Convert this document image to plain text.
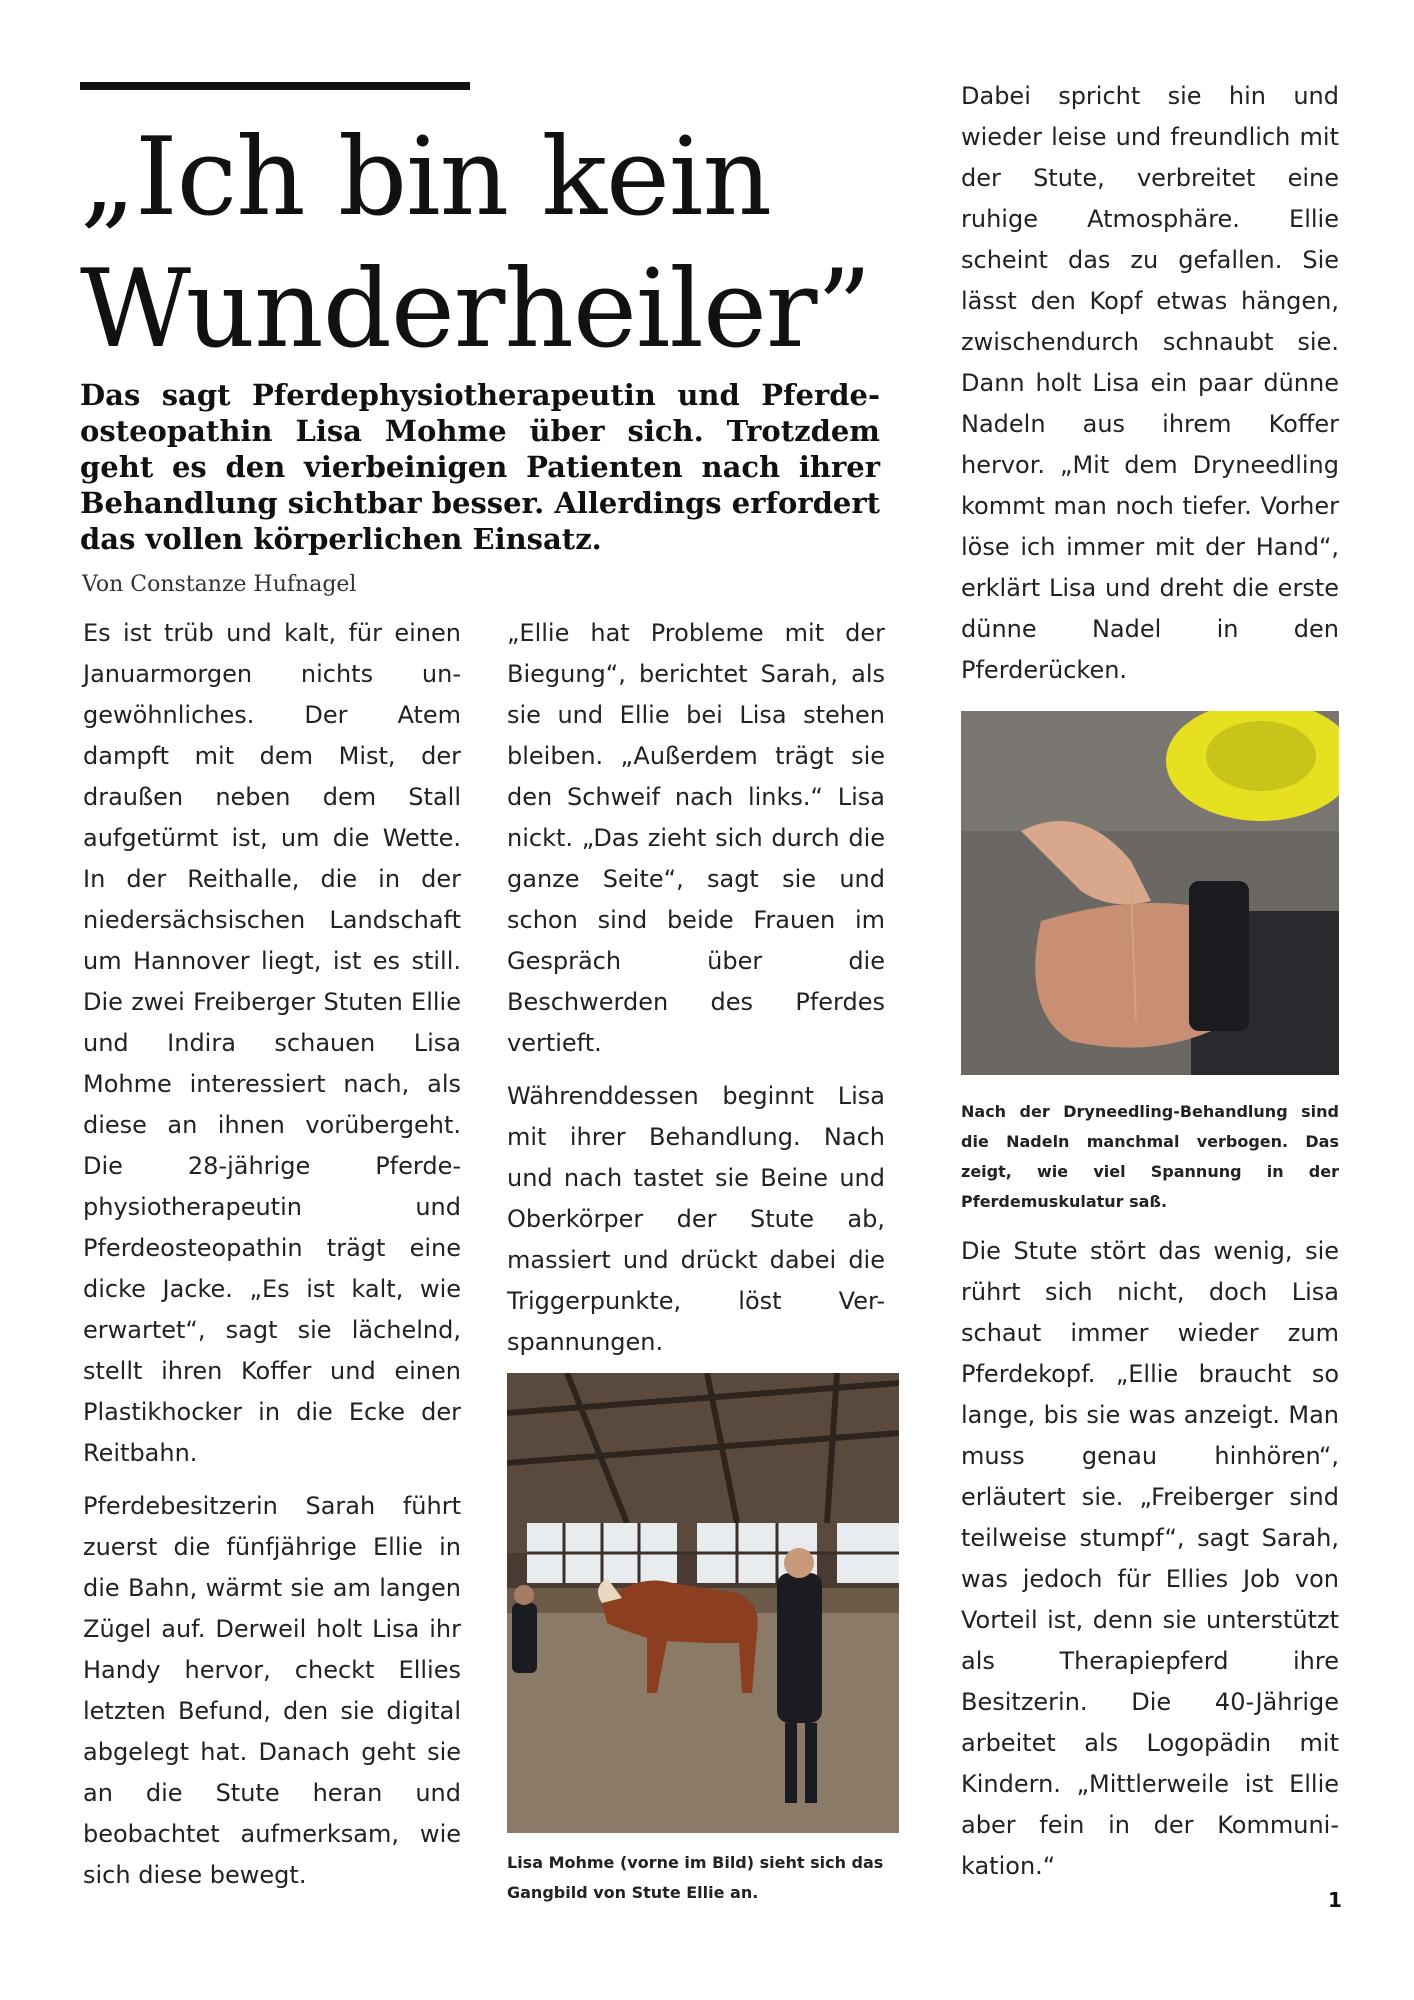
„Ich bin kein
Wunderheiler”

Das sagt Pferdephysiotherapeutin und Pferde-osteopathin Lisa Mohme über sich. Trotzdem geht es den vierbeinigen Patienten nach ihrer Behandlung sichtbar besser. Allerdings erfordert das vollen körperlichen Einsatz.

Von Constanze Hufnagel

Es ist trüb und kalt, für einen Januarmorgen nichts un-gewöhnliches. Der Atem dampft mit dem Mist, der draußen neben dem Stall aufgetürmt ist, um die Wette. In der Reithalle, die in der niedersächsischen Landschaft um Hannover liegt, ist es still. Die zwei Freiberger Stuten Ellie und Indira schauen Lisa Mohme interessiert nach, als diese an ihnen vorübergeht. Die 28-jährige Pferde-physiotherapeutin und Pferdeosteopathin trägt eine dicke Jacke. „Es ist kalt, wie erwartet“, sagt sie lächelnd, stellt ihren Koffer und einen Plastikhocker in die Ecke der Reitbahn.

Pferdebesitzerin Sarah führt zuerst die fünfjährige Ellie in die Bahn, wärmt sie am langen Zügel auf. Derweil holt Lisa ihr Handy hervor, checkt Ellies letzten Befund, den sie digital abgelegt hat. Danach geht sie an die Stute heran und beobachtet aufmerksam, wie sich diese bewegt.

„Ellie hat Probleme mit der Biegung“, berichtet Sarah, als sie und Ellie bei Lisa stehen bleiben. „Außerdem trägt sie den Schweif nach links.“ Lisa nickt. „Das zieht sich durch die ganze Seite“, sagt sie und schon sind beide Frauen im Gespräch über die Beschwerden des Pferdes vertieft.

Währenddessen beginnt Lisa mit ihrer Behandlung. Nach und nach tastet sie Beine und Oberkörper der Stute ab, massiert und drückt dabei die Triggerpunkte, löst Ver-spannungen.

Dabei spricht sie hin und wieder leise und freundlich mit der Stute, verbreitet eine ruhige Atmosphäre. Ellie scheint das zu gefallen. Sie lässt den Kopf etwas hängen, zwischendurch schnaubt sie. Dann holt Lisa ein paar dünne Nadeln aus ihrem Koffer hervor. „Mit dem Dryneedling kommt man noch tiefer. Vorher löse ich immer mit der Hand“, erklärt Lisa und dreht die erste dünne Nadel in den Pferderücken.

Nach der Dryneedling-Behandlung sind die Nadeln manchmal verbogen. Das zeigt, wie viel Spannung in der Pferdemuskulatur saß.

Die Stute stört das wenig, sie rührt sich nicht, doch Lisa schaut immer wieder zum Pferdekopf. „Ellie braucht so lange, bis sie was anzeigt. Man muss genau hinhören“, erläutert sie. „Freiberger sind teilweise stumpf“, sagt Sarah, was jedoch für Ellies Job von Vorteil ist, denn sie unterstützt als Therapiepferd ihre Besitzerin. Die 40-Jährige arbeitet als Logopädin mit Kindern. „Mittlerweile ist Ellie aber fein in der Kommuni-kation.“

Lisa Mohme (vorne im Bild) sieht sich das Gangbild von Stute Ellie an.	1
